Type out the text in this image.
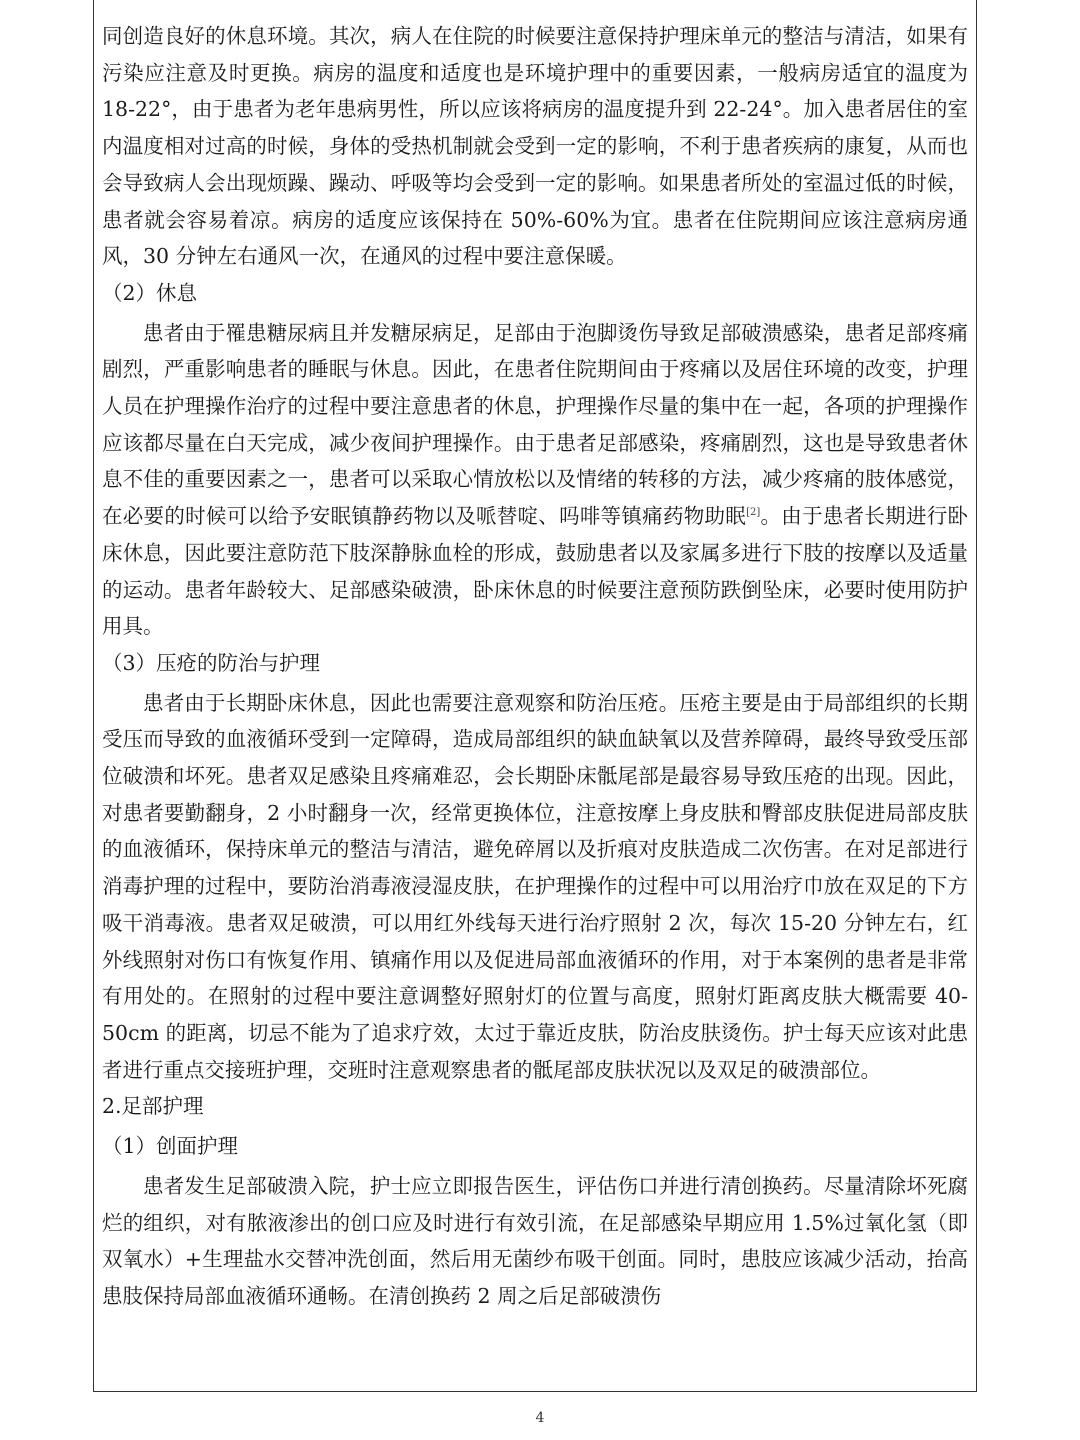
同创造良好的休息环境。其次，病人在住院的时候要注意保持护理床单元的整洁与清洁，如果有污染应注意及时更换。病房的温度和适度也是环境护理中的重要因素，一般病房适宜的温度为 18-22°，由于患者为老年患病男性，所以应该将病房的温度提升到 22-24°。加入患者居住的室内温度相对过高的时候，身体的受热机制就会受到一定的影响，不利于患者疾病的康复，从而也会导致病人会出现烦躁、躁动、呼吸等均会受到一定的影响。如果患者所处的室温过低的时候，患者就会容易着凉。病房的适度应该保持在 50%-60%为宜。患者在住院期间应该注意病房通风，30 分钟左右通风一次，在通风的过程中要注意保暖。

（2）休息

患者由于罹患糖尿病且并发糖尿病足，足部由于泡脚烫伤导致足部破溃感染，患者足部疼痛剧烈，严重影响患者的睡眠与休息。因此，在患者住院期间由于疼痛以及居住环境的改变，护理人员在护理操作治疗的过程中要注意患者的休息，护理操作尽量的集中在一起，各项的护理操作应该都尽量在白天完成，减少夜间护理操作。由于患者足部感染，疼痛剧烈，这也是导致患者休息不佳的重要因素之一，患者可以采取心情放松以及情绪的转移的方法，减少疼痛的肢体感觉，在必要的时候可以给予安眠镇静药物以及哌替啶、吗啡等镇痛药物助眠[2]。由于患者长期进行卧床休息，因此要注意防范下肢深静脉血栓的形成，鼓励患者以及家属多进行下肢的按摩以及适量的运动。患者年龄较大、足部感染破溃，卧床休息的时候要注意预防跌倒坠床，必要时使用防护用具。

（3）压疮的防治与护理

患者由于长期卧床休息，因此也需要注意观察和防治压疮。压疮主要是由于局部组织的长期受压而导致的血液循环受到一定障碍，造成局部组织的缺血缺氧以及营养障碍，最终导致受压部位破溃和坏死。患者双足感染且疼痛难忍，会长期卧床骶尾部是最容易导致压疮的出现。因此，对患者要勤翻身，2 小时翻身一次，经常更换体位，注意按摩上身皮肤和臀部皮肤促进局部皮肤的血液循环，保持床单元的整洁与清洁，避免碎屑以及折痕对皮肤造成二次伤害。在对足部进行消毒护理的过程中，要防治消毒液浸湿皮肤，在护理操作的过程中可以用治疗巾放在双足的下方吸干消毒液。患者双足破溃，可以用红外线每天进行治疗照射 2 次，每次 15-20 分钟左右，红外线照射对伤口有恢复作用、镇痛作用以及促进局部血液循环的作用，对于本案例的患者是非常有用处的。在照射的过程中要注意调整好照射灯的位置与高度，照射灯距离皮肤大概需要 40-50cm 的距离，切忌不能为了追求疗效，太过于靠近皮肤，防治皮肤烫伤。护士每天应该对此患者进行重点交接班护理，交班时注意观察患者的骶尾部皮肤状况以及双足的破溃部位。

2.足部护理
（1）创面护理

患者发生足部破溃入院，护士应立即报告医生，评估伤口并进行清创换药。尽量清除坏死腐烂的组织，对有脓液渗出的创口应及时进行有效引流，在足部感染早期应用 1.5%过氧化氢（即双氧水）+生理盐水交替冲洗创面，然后用无菌纱布吸干创面。同时，患肢应该减少活动，抬高患肢保持局部血液循环通畅。在清创换药 2 周之后足部破溃伤

4
